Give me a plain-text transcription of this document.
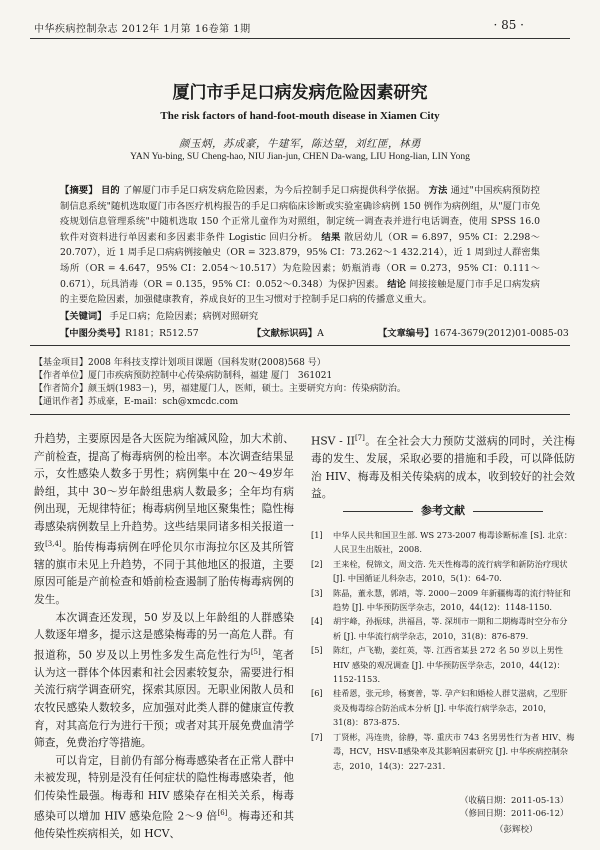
中华疾病控制杂志 2012年 1月第 16卷第 1期	· 85 ·
厦门市手足口病发病危险因素研究
The risk factors of hand-foot-mouth disease in Xiamen City
颜玉炳，苏成豪，牛建军，陈达望，刘红匪，林勇
YAN Yu-bing, SU Cheng-hao, NIU Jian-jun, CHEN Da-wang, LIU Hong-lian, LIN Yong
【摘要】 目的 了解厦门市手足口病发病危险因素，为今后控制手足口病提供科学依据。 方法 通过"中国疾病预防控制信息系统"随机选取厦门市各医疗机构报告的手足口病临床诊断或实验室确诊病例 150 例作为病例组，从"厦门市免疫规划信息管理系统"中随机选取 150 个正常儿童作为对照组，制定统一调查表并进行电话调查，使用 SPSS 16.0 软件对资料进行单因素和多因素非条件 Logistic 回归分析。 结果 散居幼儿（OR = 6.897，95% CI：2.298～20.707），近 1 周手足口病病例接触史（OR = 323.879，95% CI：73.262～1 432.214），近 1 周到过人群密集场所（OR = 4.647，95% CI：2.054～10.517）为危险因素；奶瓶消毒（OR = 0.273，95% CI：0.111～0.671），玩具消毒（OR = 0.135，95% CI：0.052～0.348）为保护因素。 结论 间接接触是厦门市手足口病发病的主要危险因素，加强健康教育，养成良好的卫生习惯对于控制手足口病的传播意义重大。
【关键词】 手足口病；危险因素；病例对照研究
【中图分类号】R181；R512.57	【文献标识码】A	【文章编号】1674-3679(2012)01-0085-03
【基金项目】2008 年科技支撑计划项目课题（国科发财(2008)568 号）
【作者单位】厦门市疾病预防控制中心传染病防制科，福建 厦门　361021
【作者简介】颜玉炳(1983－)，男，福建厦门人，医师，硕士。主要研究方向：传染病防治。
【通讯作者】苏成豪，E-mail：sch@xmcdc.com

升趋势，主要原因是各大医院为缩减风险，加大术前、产前检查，提高了梅毒病例的检出率。本次调查结果显示，女性感染人数多于男性；病例集中在 20～49岁年龄组，其中 30～岁年龄组患病人数最多；全年均有病例出现，无规律特征；梅毒病例呈地区聚集性；隐性梅毒感染病例数呈上升趋势。这些结果同诸多相关报道一致[3,4]。胎传梅毒病例在呼伦贝尔市海拉尔区及其所管辖的旗市未见上升趋势，不同于其他地区的报道，主要原因可能是产前检查和婚前检查遏制了胎传梅毒病例的发生。

本次调查还发现，50 岁及以上年龄组的人群感染人数逐年增多，提示这是感染梅毒的另一高危人群。有报道称，50 岁及以上男性多发生高危性行为[5]，笔者认为这一群体个体因素和社会因素较复杂，需要进行相关流行病学调查研究，探索其原因。无职业闲散人员和农牧民感染人数较多，应加强对此类人群的健康宣传教育，对其高危行为进行干预；或者对其开展免费血清学筛查，免费治疗等措施。

可以肯定，目前仍有部分梅毒感染者在正常人群中未被发现，特别是没有任何症状的隐性梅毒感染者，他们传染性最强。梅毒和 HIV 感染存在相关关系，梅毒感染可以增加 HIV 感染危险 2～9 倍[6]。梅毒还和其他传染性疾病相关，如 HCV、

HSV - II[7]。在全社会大力预防艾滋病的同时，关注梅毒的发生、发展，采取必要的措施和手段，可以降低防治 HIV、梅毒及相关传染病的成本，收到较好的社会效益。

参考文献
[1]	中华人民共和国卫生部. WS 273-2007 梅毒诊断标准 [S]. 北京：人民卫生出版社，2008.
[2]	王来栓，倪锦文，周文浩. 先天性梅毒的流行病学和新防治疗现状 [J]. 中国循证儿科杂志，2010，5(1)：64-70.
[3]	陈晶，董永慧，郭靖，等. 2000－2009 年新疆梅毒的流行特征和趋势 [J]. 中华预防医学杂志，2010，44(12)：1148-1150.
[4]	胡宇峰，孙振球，洪福昌，等. 深圳市一期和二期梅毒时空分布分析 [J]. 中华流行病学杂志，2010，31(8)：876-879.
[5]	陈红，卢飞勒，姜红英，等. 江西省某县 272 名 50 岁以上男性 HIV 感染的观况调查 [J]. 中华预防医学杂志，2010，44(12)：1152-1153.
[6]	桂希恩，张元珍，杨赛普，等. 孕产妇和婚检人群艾滋病，乙型肝炎及梅毒综合防治成本分析 [J]. 中华流行病学杂志，2010，31(8)：873-875.
[7]	丁贤彬，冯连贵，徐静，等. 重庆市 743 名男男性行为者 HIV、梅毒，HCV，HSV-Ⅱ感染率及其影响因素研究 [J]. 中华疾病控制杂志，2010，14(3)：227-231.
（收稿日期：2011-05-13）
（修回日期：2011-06-12）
（彭辉校）
